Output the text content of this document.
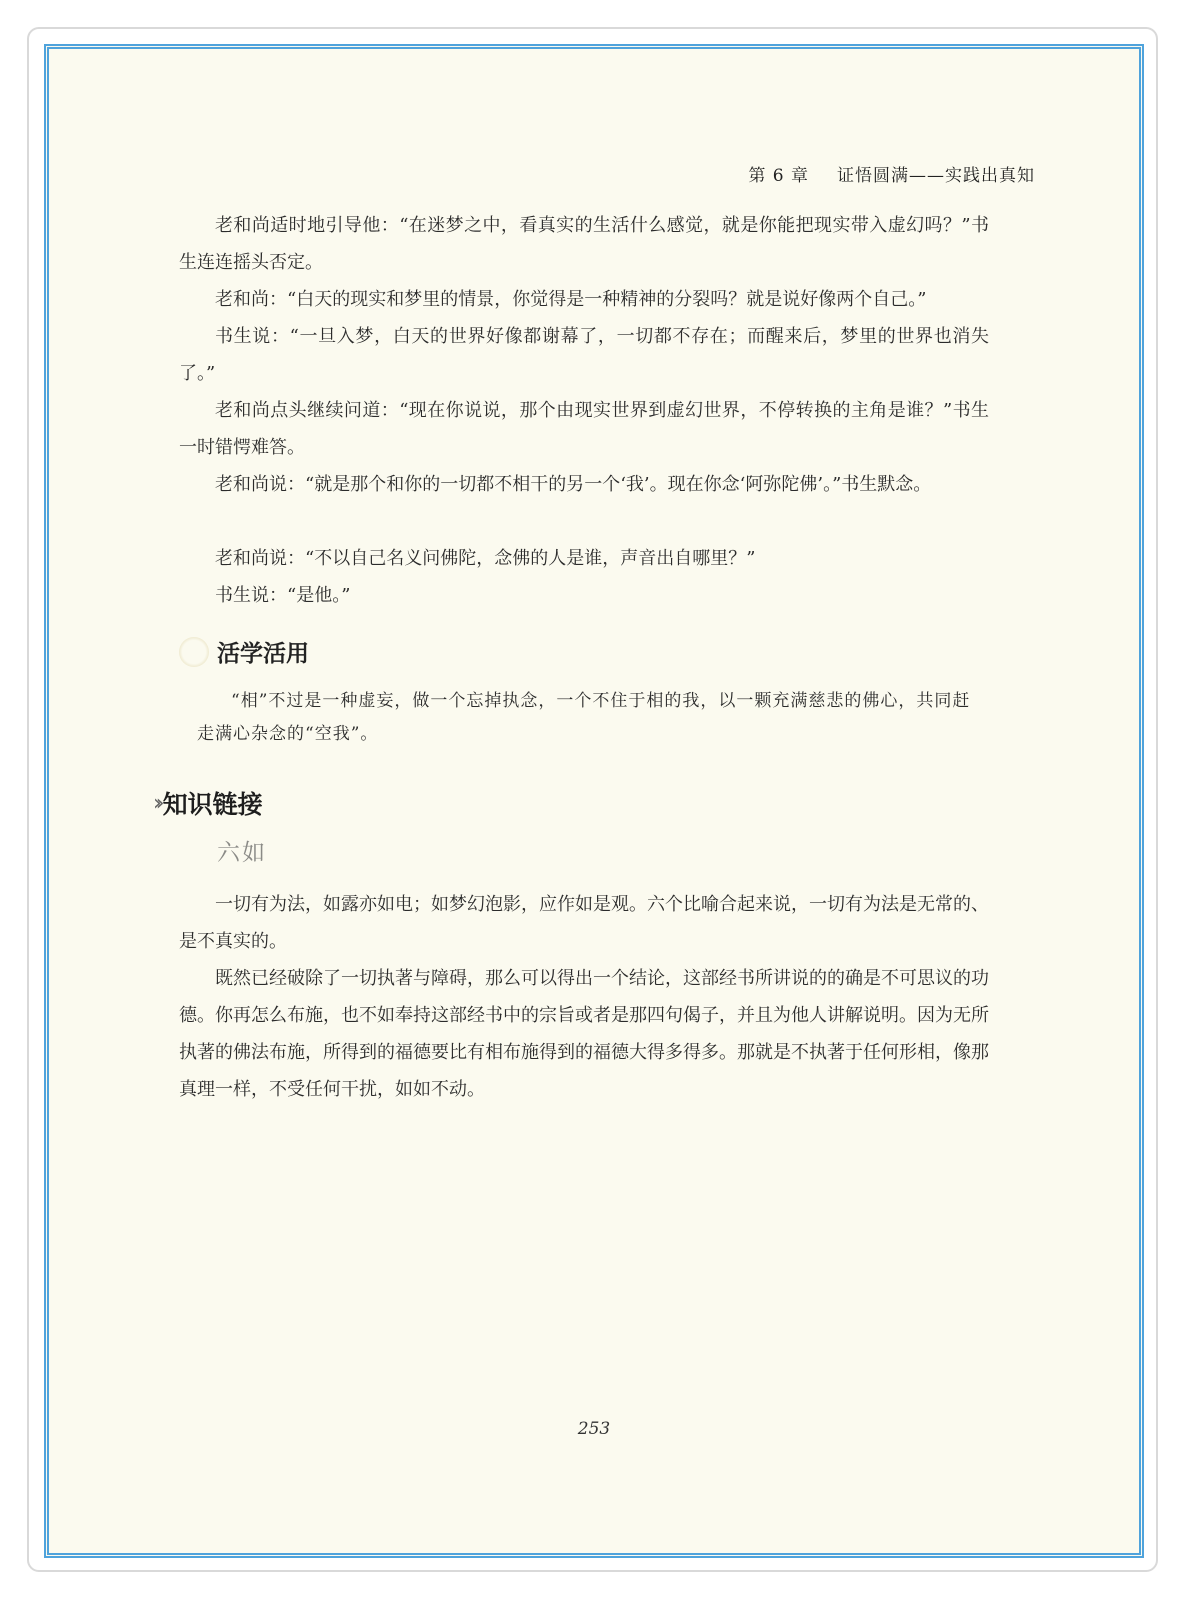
第 6 章 证悟圆满——实践出真知

老和尚适时地引导他：“在迷梦之中，看真实的生活什么感觉，就是你能把现实带入虚幻吗？”书生连连摇头否定。

老和尚：“白天的现实和梦里的情景，你觉得是一种精神的分裂吗？就是说好像两个自己。”

书生说：“一旦入梦，白天的世界好像都谢幕了，一切都不存在；而醒来后，梦里的世界也消失了。”

老和尚点头继续问道：“现在你说说，那个由现实世界到虚幻世界，不停转换的主角是谁？”书生一时错愕难答。

老和尚说：“就是那个和你的一切都不相干的另一个‘我’。现在你念‘阿弥陀佛’。”书生默念。

老和尚说：“不以自己名义问佛陀，念佛的人是谁，声音出自哪里？”

书生说：“是他。”

活学活用

“相”不过是一种虚妄，做一个忘掉执念，一个不住于相的我，以一颗充满慈悲的佛心，共同赶走满心杂念的“空我”。

›› 知识链接
六如

一切有为法，如露亦如电；如梦幻泡影，应作如是观。六个比喻合起来说，一切有为法是无常的、是不真实的。

既然已经破除了一切执著与障碍，那么可以得出一个结论，这部经书所讲说的的确是不可思议的功德。你再怎么布施，也不如奉持这部经书中的宗旨或者是那四句偈子，并且为他人讲解说明。因为无所执著的佛法布施，所得到的福德要比有相布施得到的福德大得多得多。那就是不执著于任何形相，像那真理一样，不受任何干扰，如如不动。

253
